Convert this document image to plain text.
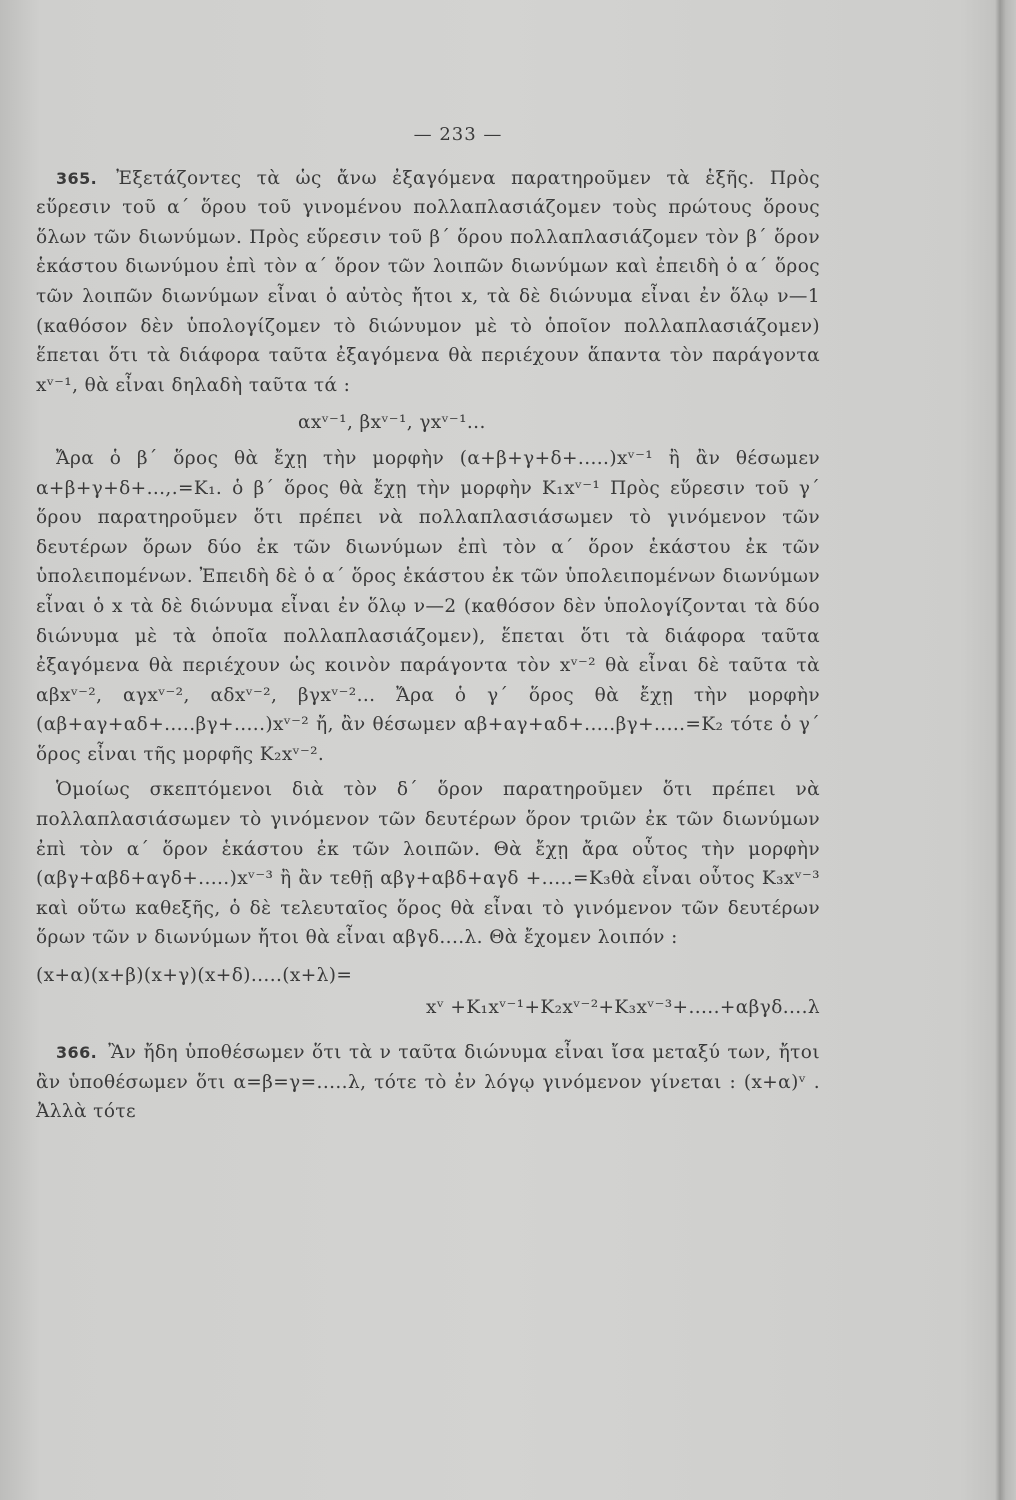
— 233 —

365. Ἐξετάζοντες τὰ ὡς ἄνω ἐξαγόμενα παρατηροῦμεν τὰ ἑξῆς. Πρὸς εὕρεσιν τοῦ α΄ ὅρου τοῦ γινομένου πολλαπλασιάζομεν τοὺς πρώτους ὅρους ὅλων τῶν διωνύμων. Πρὸς εὕρεσιν τοῦ β΄ ὅρου πολλαπλασιάζομεν τὸν β΄ ὅρον ἑκάστου διωνύμου ἐπὶ τὸν α΄ ὅρον τῶν λοιπῶν διωνύμων καὶ ἐπειδὴ ὁ α΄ ὅρος τῶν λοιπῶν διωνύμων εἶναι ὁ αὐτὸς ἤτοι x, τὰ δὲ διώνυμα εἶναι ἐν ὅλῳ ν—1 (καθόσον δὲν ὑπολογίζομεν τὸ διώνυμον μὲ τὸ ὁποῖον πολλαπλασιάζομεν) ἕπεται ὅτι τὰ διάφορα ταῦτα ἐξαγόμενα θὰ περιέχουν ἅπαντα τὸν παράγοντα xᵛ⁻¹, θὰ εἶναι δηλαδὴ ταῦτα τά :

αxᵛ⁻¹, βxᵛ⁻¹, γxᵛ⁻¹...

Ἄρα ὁ β΄ ὅρος θὰ ἔχῃ τὴν μορφὴν (α+β+γ+δ+.....)xᵛ⁻¹ ἢ ἂν θέσωμεν α+β+γ+δ+...,.=K₁. ὁ β΄ ὅρος θὰ ἔχῃ τὴν μορφὴν K₁xᵛ⁻¹ Πρὸς εὕρεσιν τοῦ γ΄ ὅρου παρατηροῦμεν ὅτι πρέπει νὰ πολλαπλασιάσωμεν τὸ γινόμενον τῶν δευτέρων ὅρων δύο ἐκ τῶν διωνύμων ἐπὶ τὸν α΄ ὅρον ἑκάστου ἐκ τῶν ὑπολειπομένων. Ἐπειδὴ δὲ ὁ α΄ ὅρος ἑκάστου ἐκ τῶν ὑπολειπομένων διωνύμων εἶναι ὁ x τὰ δὲ διώνυμα εἶναι ἐν ὅλῳ ν—2 (καθόσον δὲν ὑπολογίζονται τὰ δύο διώνυμα μὲ τὰ ὁποῖα πολλαπλασιάζομεν), ἕπεται ὅτι τὰ διάφορα ταῦτα ἐξαγόμενα θὰ περιέχουν ὡς κοινὸν παράγοντα τὸν xᵛ⁻² θὰ εἶναι δὲ ταῦτα τὰ αβxᵛ⁻², αγxᵛ⁻², αδxᵛ⁻², βγxᵛ⁻²... Ἄρα ὁ γ΄ ὅρος θὰ ἔχῃ τὴν μορφὴν (αβ+αγ+αδ+.....βγ+.....)xᵛ⁻² ἤ, ἂν θέσωμεν αβ+αγ+αδ+.....βγ+.....=K₂ τότε ὁ γ΄ ὅρος εἶναι τῆς μορφῆς K₂xᵛ⁻².

Ὁμοίως σκεπτόμενοι διὰ τὸν δ΄ ὅρον παρατηροῦμεν ὅτι πρέπει νὰ πολλαπλασιάσωμεν τὸ γινόμενον τῶν δευτέρων ὅρον τριῶν ἐκ τῶν διωνύμων ἐπὶ τὸν α΄ ὅρον ἑκάστου ἐκ τῶν λοιπῶν. Θὰ ἔχῃ ἄρα οὗτος τὴν μορφὴν (αβγ+αβδ+αγδ+.....)xᵛ⁻³ ἢ ἂν τεθῇ αβγ+αβδ+αγδ +.....=K₃θὰ εἶναι οὗτος K₃xᵛ⁻³ καὶ οὕτω καθεξῆς, ὁ δὲ τελευταῖος ὅρος θὰ εἶναι τὸ γινόμενον τῶν δευτέρων ὅρων τῶν ν διωνύμων ἤτοι θὰ εἶναι αβγδ....λ. Θὰ ἔχομεν λοιπόν :

(x+α)(x+β)(x+γ)(x+δ).....(x+λ)=
xᵛ +K₁xᵛ⁻¹+K₂xᵛ⁻²+K₃xᵛ⁻³+.....+αβγδ....λ

366. Ἂν ἤδη ὑποθέσωμεν ὅτι τὰ ν ταῦτα διώνυμα εἶναι ἴσα μεταξύ των, ἤτοι ἂν ὑποθέσωμεν ὅτι α=β=γ=.....λ, τότε τὸ ἐν λόγῳ γινόμενον γίνεται : (x+α)ᵛ . Ἀλλὰ τότε
